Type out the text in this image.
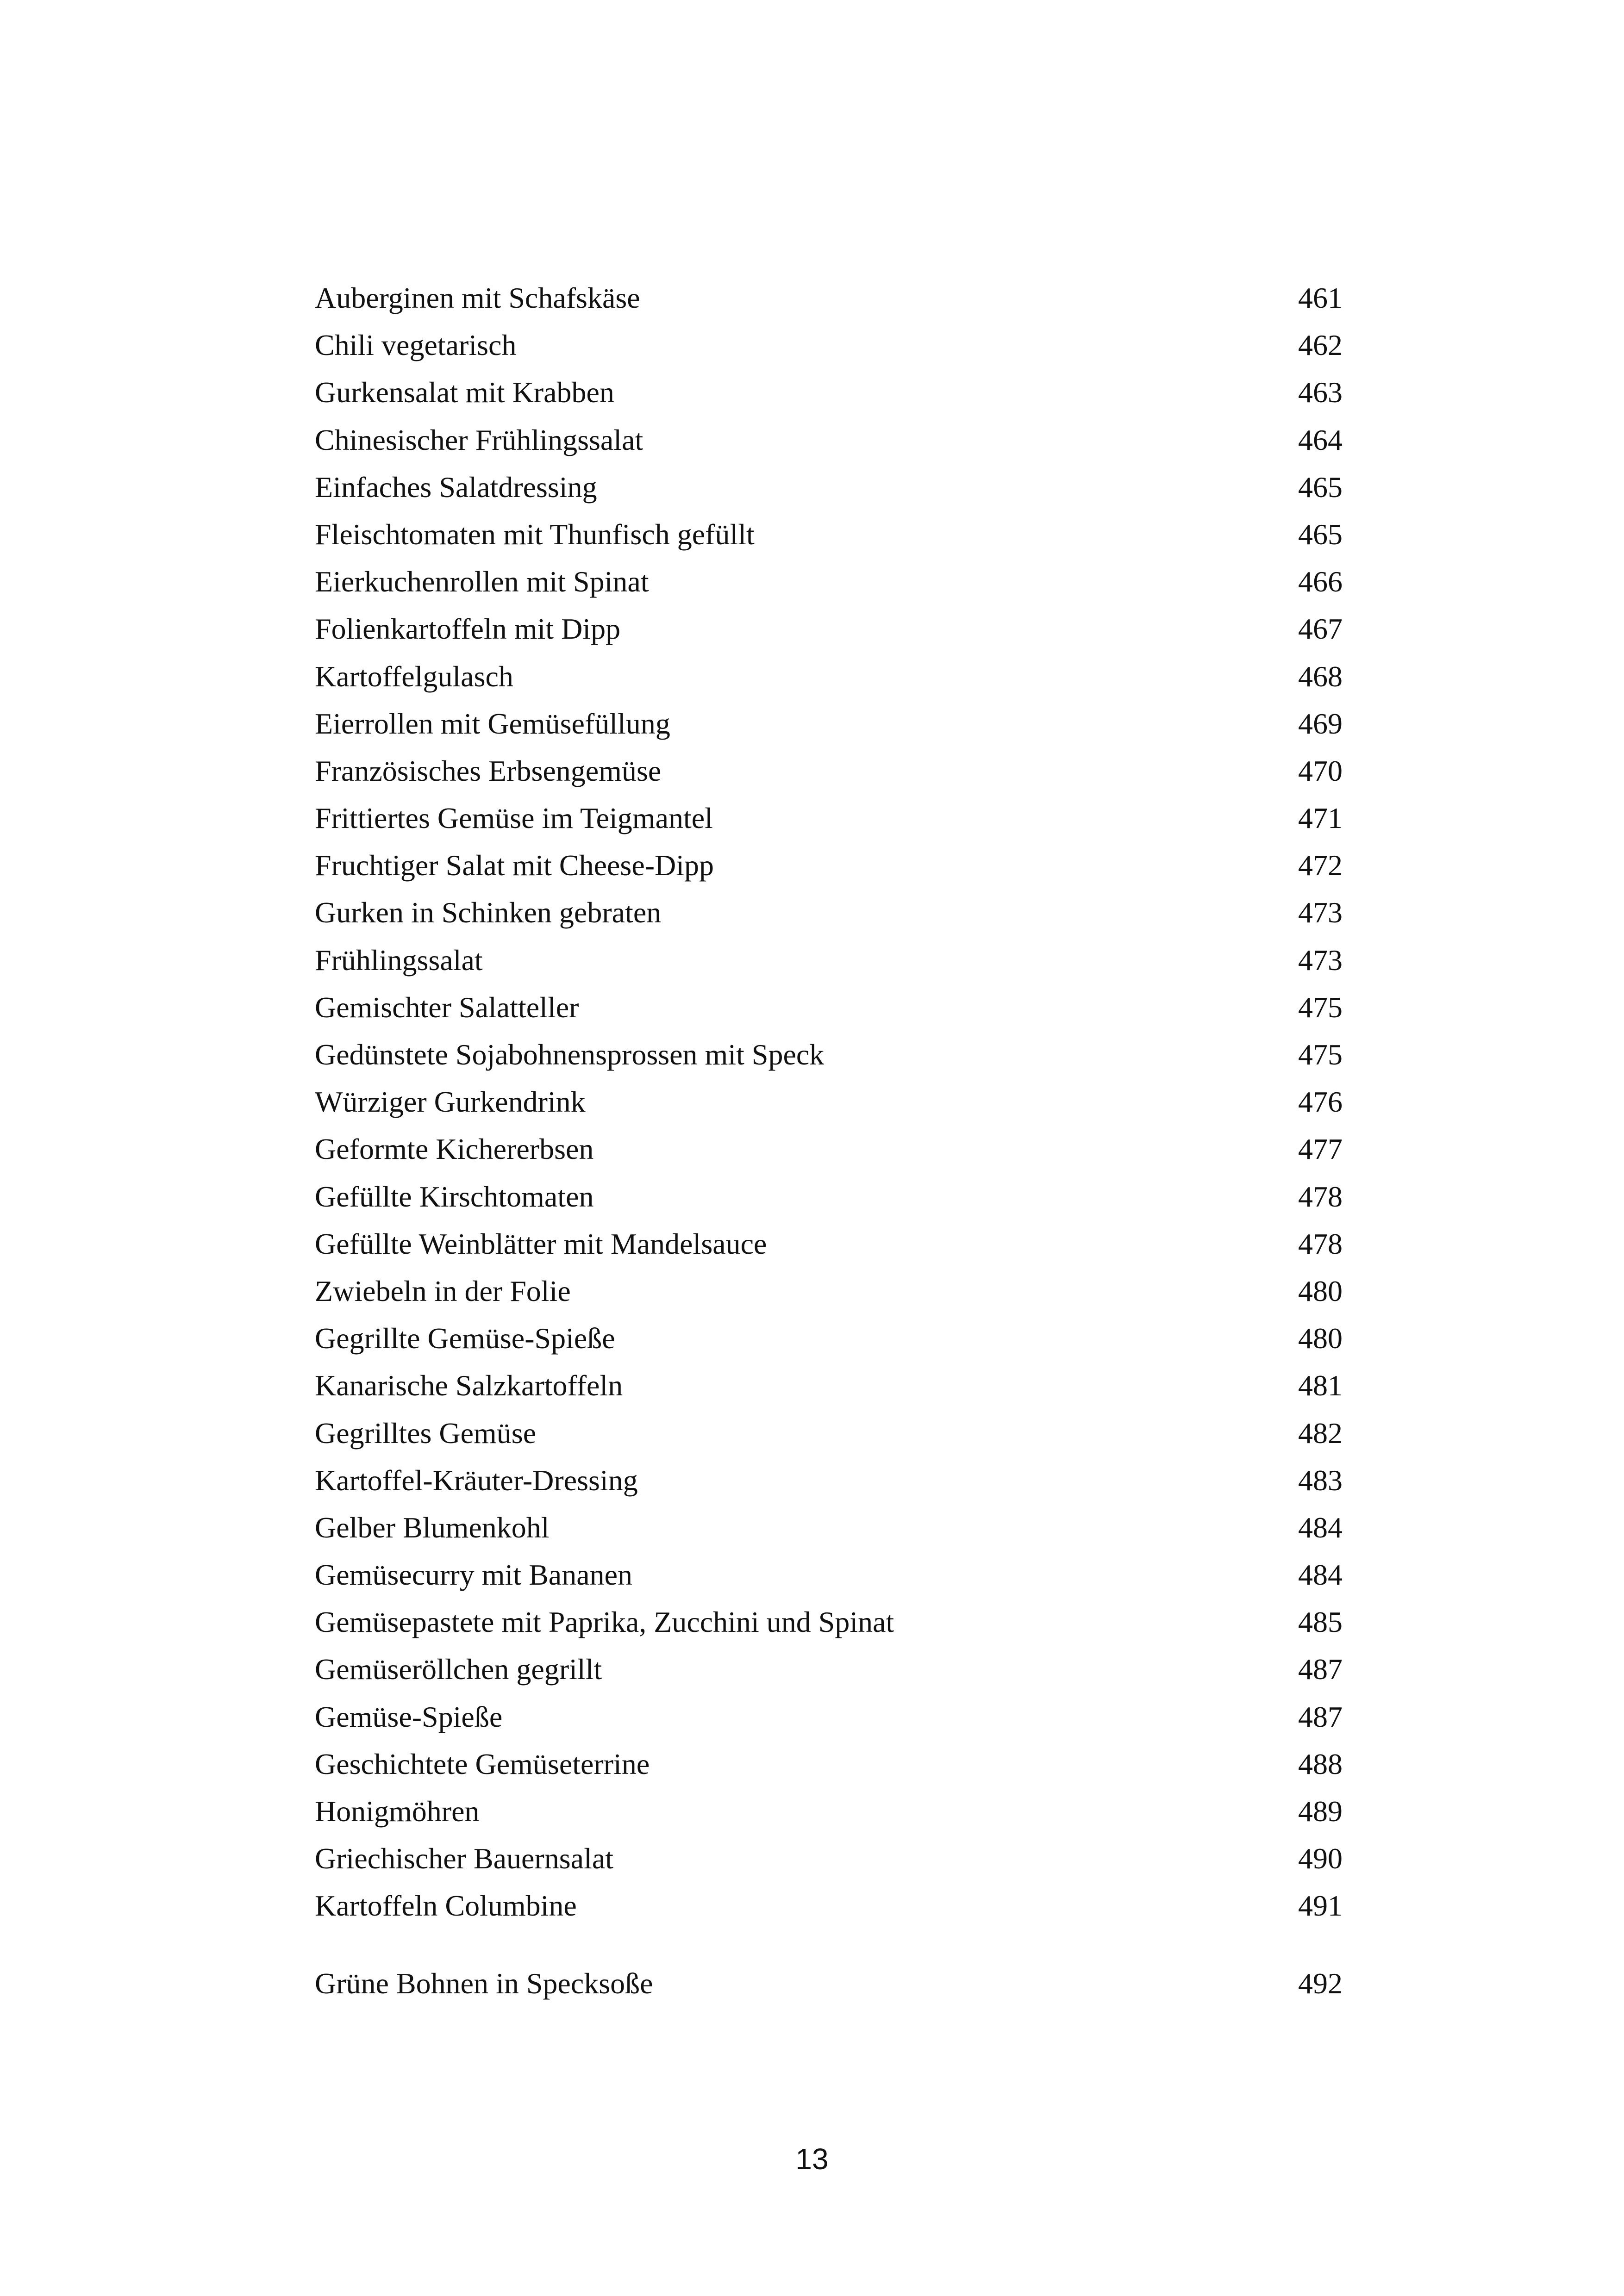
Auberginen mit Schafskäse	461
Chili vegetarisch	462
Gurkensalat mit Krabben	463
Chinesischer Frühlingssalat	464
Einfaches Salatdressing	465
Fleischtomaten mit Thunfisch gefüllt	465
Eierkuchenrollen mit Spinat	466
Folienkartoffeln mit Dipp	467
Kartoffelgulasch	468
Eierrollen mit Gemüsefüllung	469
Französisches Erbsengemüse	470
Frittiertes Gemüse im Teigmantel	471
Fruchtiger Salat mit Cheese-Dipp	472
Gurken in Schinken gebraten	473
Frühlingssalat	473
Gemischter Salatteller	475
Gedünstete Sojabohnensprossen mit Speck	475
Würziger Gurkendrink	476
Geformte Kichererbsen	477
Gefüllte Kirschtomaten	478
Gefüllte Weinblätter mit Mandelsauce	478
Zwiebeln in der Folie	480
Gegrillte Gemüse-Spieße	480
Kanarische Salzkartoffeln	481
Gegrilltes Gemüse	482
Kartoffel-Kräuter-Dressing	483
Gelber Blumenkohl	484
Gemüsecurry mit Bananen	484
Gemüsepastete mit Paprika, Zucchini und Spinat	485
Gemüseröllchen gegrillt	487
Gemüse-Spieße	487
Geschichtete Gemüseterrine	488
Honigmöhren	489
Griechischer Bauernsalat	490
Kartoffeln Columbine	491
Grüne Bohnen in Specksoße	492
13
